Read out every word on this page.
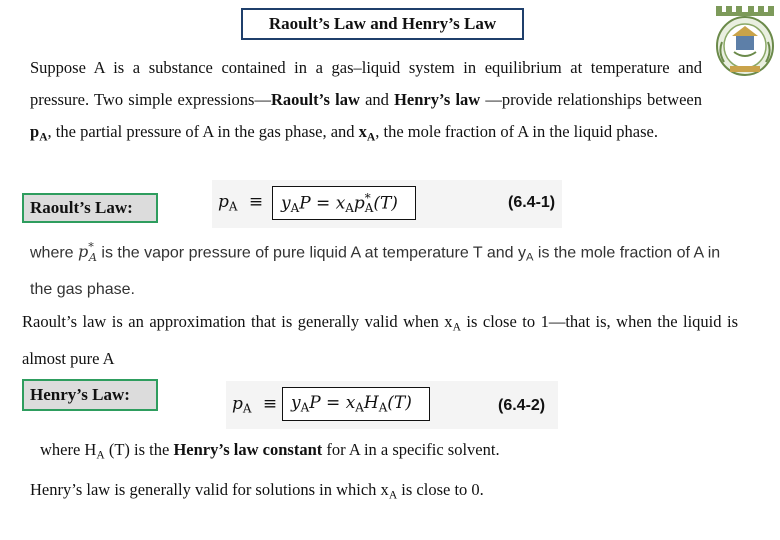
Raoult’s Law and Henry’s Law
Suppose A is a substance contained in a gas–liquid system in equilibrium at temperature and pressure. Two simple expressions—Raoult’s law and Henry’s law —provide relationships between $p_A$, the partial pressure of A in the gas phase, and $x_A$, the mole fraction of A in the liquid phase.
$p_A \equiv y_AP = x_Ap^*_A(T)$	(6.4-1)
Raoult’s Law:
where $p^*_A$ is the vapor pressure of pure liquid A at temperature T and $y_A$ is the mole fraction of A in the gas phase.
Raoult’s law is an approximation that is generally valid when $x_A$ is close to 1—that is, when the liquid is almost pure A
Henry’s Law:	$p_A \equiv y_AP = x_AH_A(T)$	(6.4-2)
where $H_A$ (T) is the Henry’s law constant for A in a specific solvent.
Henry’s law is generally valid for solutions in which $x_A$ is close to 0.
